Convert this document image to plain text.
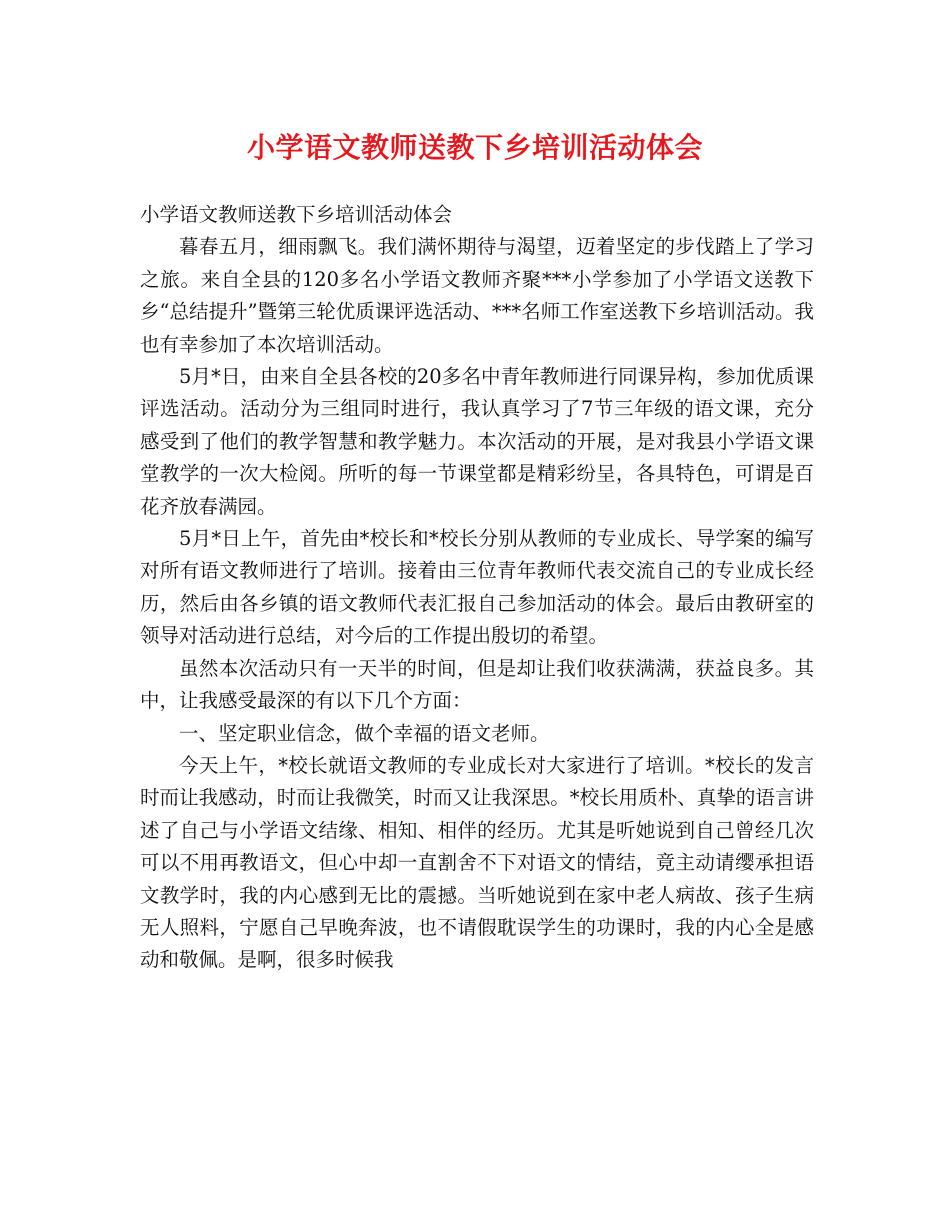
小学语文教师送教下乡培训活动体会

小学语文教师送教下乡培训活动体会

暮春五月，细雨飘飞。我们满怀期待与渴望，迈着坚定的步伐踏上了学习之旅。来自全县的120多名小学语文教师齐聚***小学参加了小学语文送教下乡“总结提升”暨第三轮优质课评选活动、***名师工作室送教下乡培训活动。我也有幸参加了本次培训活动。

5月*日，由来自全县各校的20多名中青年教师进行同课异构，参加优质课评选活动。活动分为三组同时进行，我认真学习了7节三年级的语文课，充分感受到了他们的教学智慧和教学魅力。本次活动的开展，是对我县小学语文课堂教学的一次大检阅。所听的每一节课堂都是精彩纷呈，各具特色，可谓是百花齐放春满园。

5月*日上午，首先由*校长和*校长分别从教师的专业成长、导学案的编写对所有语文教师进行了培训。接着由三位青年教师代表交流自己的专业成长经历，然后由各乡镇的语文教师代表汇报自己参加活动的体会。最后由教研室的领导对活动进行总结，对今后的工作提出殷切的希望。

虽然本次活动只有一天半的时间，但是却让我们收获满满，获益良多。其中，让我感受最深的有以下几个方面：

一、坚定职业信念，做个幸福的语文老师。

今天上午，*校长就语文教师的专业成长对大家进行了培训。*校长的发言时而让我感动，时而让我微笑，时而又让我深思。*校长用质朴、真挚的语言讲述了自己与小学语文结缘、相知、相伴的经历。尤其是听她说到自己曾经几次可以不用再教语文，但心中却一直割舍不下对语文的情结，竟主动请缨承担语文教学时，我的内心感到无比的震撼。当听她说到在家中老人病故、孩子生病无人照料，宁愿自己早晚奔波，也不请假耽误学生的功课时，我的内心全是感动和敬佩。是啊，很多时候我
